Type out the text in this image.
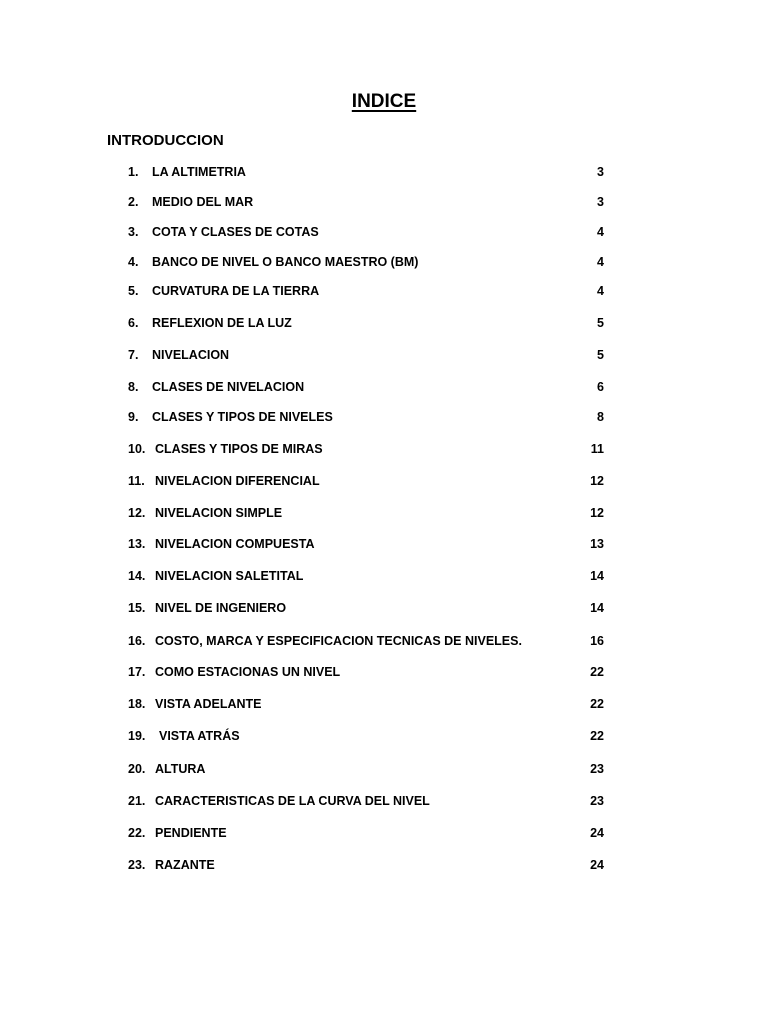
INDICE
INTRODUCCION
1. LA ALTIMETRIA	3
2. MEDIO DEL MAR	3
3. COTA Y CLASES DE COTAS	4
4. BANCO DE NIVEL O BANCO MAESTRO (BM)	4
5. CURVATURA DE LA TIERRA	4
6. REFLEXION DE LA LUZ	5
7. NIVELACION	5
8. CLASES DE NIVELACION	6
9. CLASES Y TIPOS DE NIVELES	8
10. CLASES Y TIPOS DE MIRAS	11
11. NIVELACION DIFERENCIAL	12
12. NIVELACION SIMPLE	12
13. NIVELACION COMPUESTA	13
14. NIVELACION SALETITAL	14
15. NIVEL DE INGENIERO	14
16. COSTO, MARCA Y ESPECIFICACION TECNICAS DE NIVELES.	16
17. COMO ESTACIONAS UN NIVEL	22
18. VISTA ADELANTE	22
19. VISTA ATRÁS	22
20. ALTURA	23
21. CARACTERISTICAS DE LA CURVA DEL NIVEL	23
22. PENDIENTE	24
23. RAZANTE	24
